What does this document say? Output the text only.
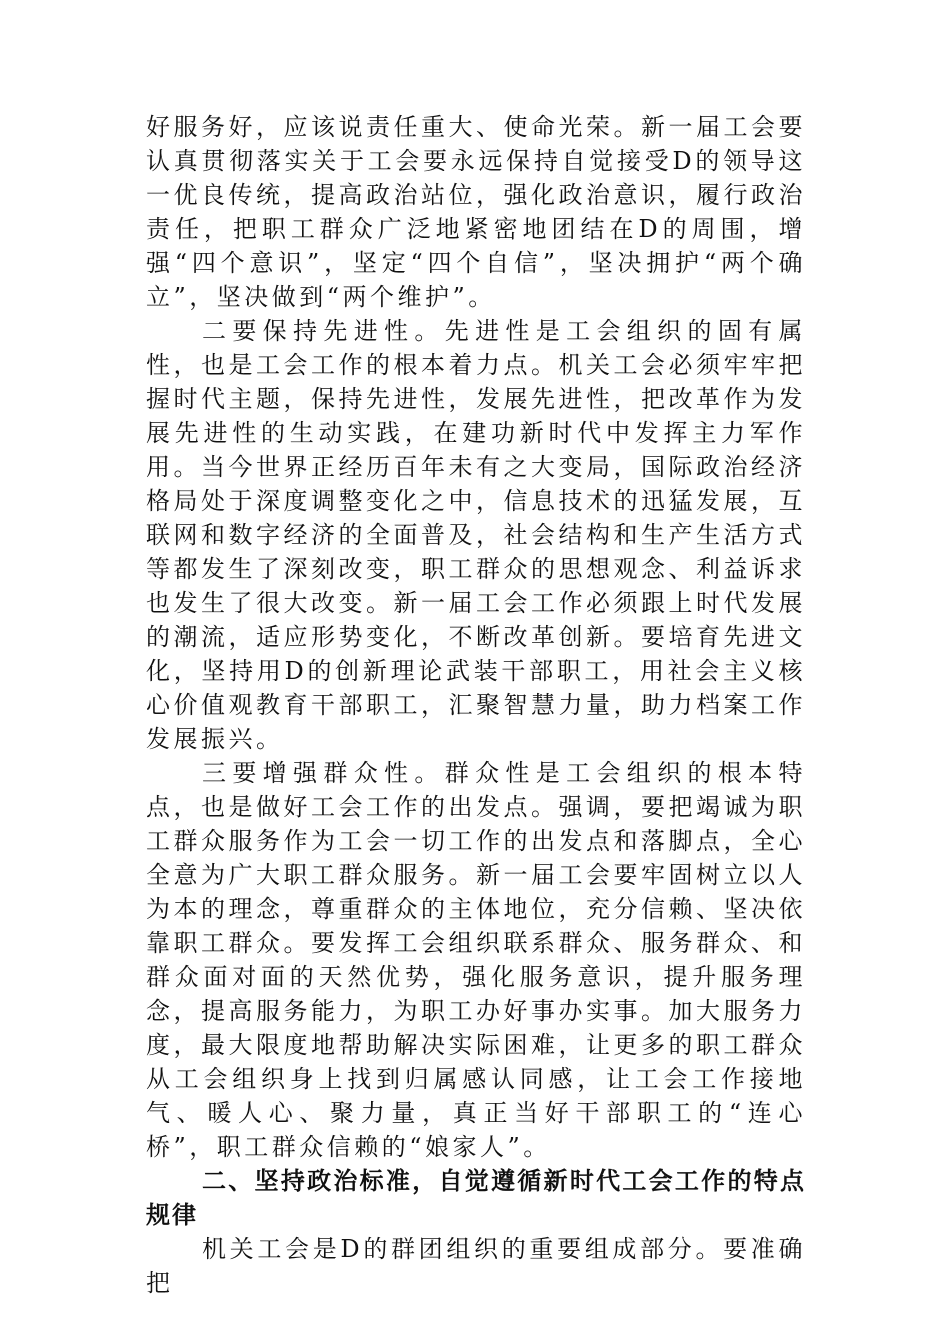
好服务好，应该说责任重大、使命光荣。新一届工会要认真贯彻落实关于工会要永远保持自觉接受D的领导这一优良传统，提高政治站位，强化政治意识，履行政治责任，把职工群众广泛地紧密地团结在D的周围，增强“四个意识”，坚定“四个自信”，坚决拥护“两个确立”，坚决做到“两个维护”。

二要保持先进性。先进性是工会组织的固有属性，也是工会工作的根本着力点。机关工会必须牢牢把握时代主题，保持先进性，发展先进性，把改革作为发展先进性的生动实践，在建功新时代中发挥主力军作用。当今世界正经历百年未有之大变局，国际政治经济格局处于深度调整变化之中，信息技术的迅猛发展，互联网和数字经济的全面普及，社会结构和生产生活方式等都发生了深刻改变，职工群众的思想观念、利益诉求也发生了很大改变。新一届工会工作必须跟上时代发展的潮流，适应形势变化，不断改革创新。要培育先进文化，坚持用D的创新理论武装干部职工，用社会主义核心价值观教育干部职工，汇聚智慧力量，助力档案工作发展振兴。

三要增强群众性。群众性是工会组织的根本特点，也是做好工会工作的出发点。强调，要把竭诚为职工群众服务作为工会一切工作的出发点和落脚点，全心全意为广大职工群众服务。新一届工会要牢固树立以人为本的理念，尊重群众的主体地位，充分信赖、坚决依靠职工群众。要发挥工会组织联系群众、服务群众、和群众面对面的天然优势，强化服务意识，提升服务理念，提高服务能力，为职工办好事办实事。加大服务力度，最大限度地帮助解决实际困难，让更多的职工群众从工会组织身上找到归属感认同感，让工会工作接地气、暖人心、聚力量，真正当好干部职工的“连心桥”，职工群众信赖的“娘家人”。

二、坚持政治标准，自觉遵循新时代工会工作的特点规律

机关工会是D的群团组织的重要组成部分。要准确把
